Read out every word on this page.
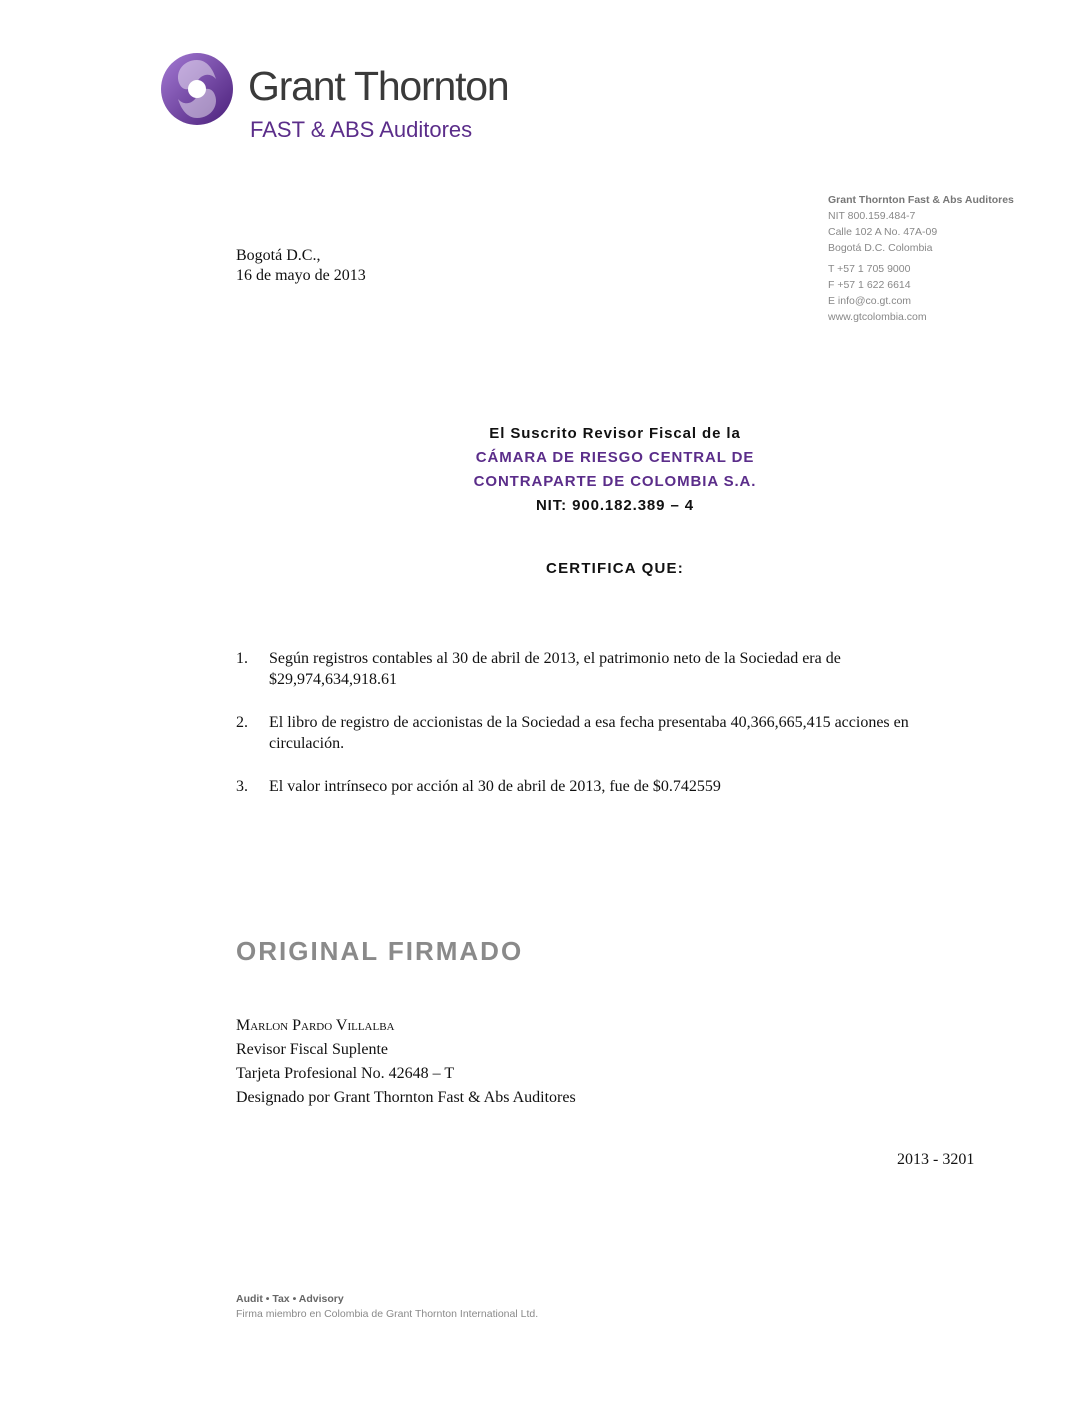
Grant Thornton
FAST & ABS Auditores
Grant Thornton Fast & Abs Auditores
NIT 800.159.484-7
Calle 102 A No. 47A-09
Bogotá D.C. Colombia
T +57 1 705 9000
F +57 1 622 6614
E info@co.gt.com
www.gtcolombia.com
Bogotá D.C.,
16 de mayo de 2013
El Suscrito Revisor Fiscal de la
CÁMARA DE RIESGO CENTRAL DE
CONTRAPARTE DE COLOMBIA S.A.
NIT: 900.182.389 – 4
CERTIFICA QUE:
1.	Según registros contables al 30 de abril de 2013, el patrimonio neto de la Sociedad era de $29,974,634,918.61
2.	El libro de registro de accionistas de la Sociedad a esa fecha presentaba 40,366,665,415 acciones en circulación.
3.	El valor intrínseco por acción al 30 de abril de 2013, fue de $0.742559
ORIGINAL FIRMADO
Marlon Pardo Villalba
Revisor Fiscal Suplente
Tarjeta Profesional No. 42648 – T
Designado por Grant Thornton Fast & Abs Auditores
2013 - 3201
Audit • Tax • Advisory
Firma miembro en Colombia de Grant Thornton International Ltd.
